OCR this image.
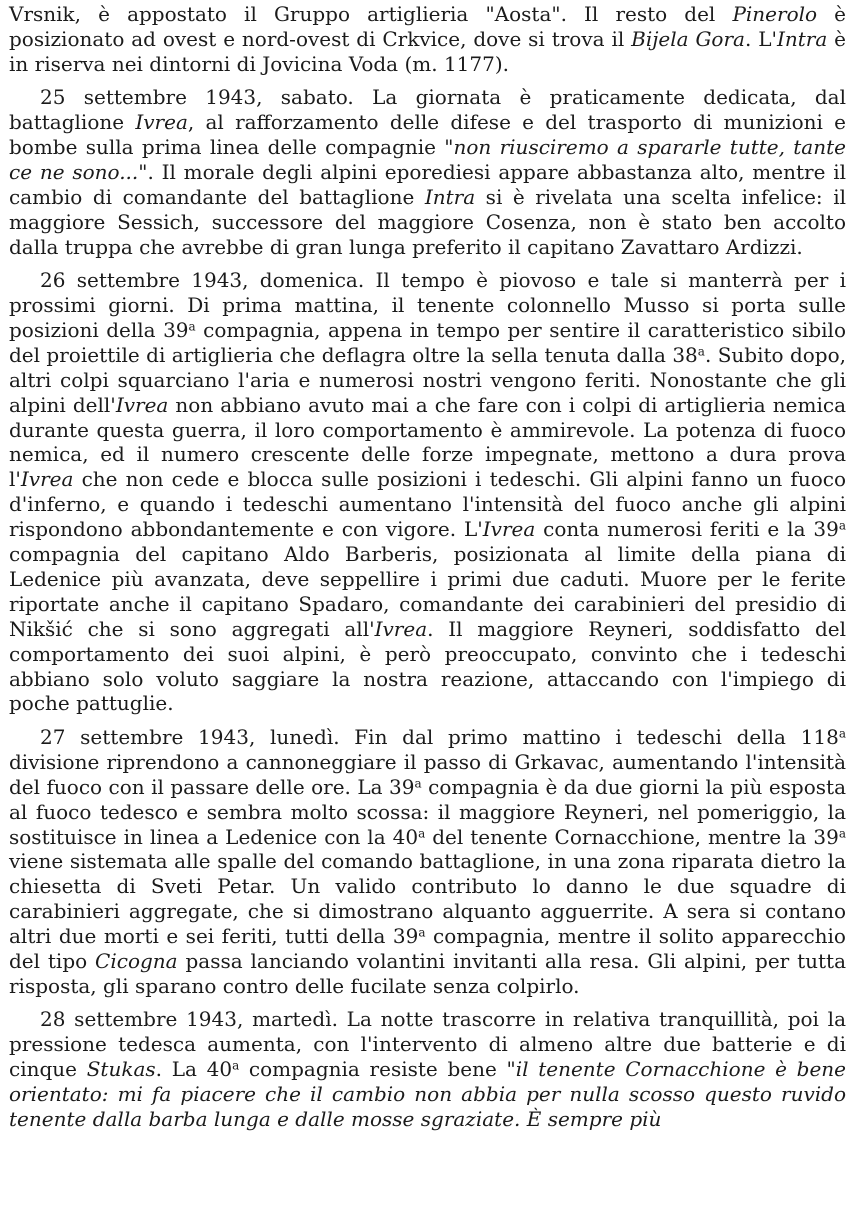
Vrsnik, è appostato il Gruppo artiglieria "Aosta". Il resto del Pinerolo è posizionato ad ovest e nord-ovest di Crkvice, dove si trova il Bijela Gora. L'Intra è in riserva nei dintorni di Jovicina Voda (m. 1177).

25 settembre 1943, sabato. La giornata è praticamente dedicata, dal battaglione Ivrea, al rafforzamento delle difese e del trasporto di munizioni e bombe sulla prima linea delle compagnie "non riusciremo a spararle tutte, tante ce ne sono...". Il morale degli alpini eporediesi appare abbastanza alto, mentre il cambio di comandante del battaglione Intra si è rivelata una scelta infelice: il maggiore Sessich, successore del maggiore Cosenza, non è stato ben accolto dalla truppa che avrebbe di gran lunga preferito il capitano Zavattaro Ardizzi.

26 settembre 1943, domenica. Il tempo è piovoso e tale si manterrà per i prossimi giorni. Di prima mattina, il tenente colonnello Musso si porta sulle posizioni della 39$^a$ compagnia, appena in tempo per sentire il caratteristico sibilo del proiettile di artiglieria che deflagra oltre la sella tenuta dalla 38$^a$. Subito dopo, altri colpi squarciano l'aria e numerosi nostri vengono feriti. Nonostante che gli alpini dell'Ivrea non abbiano avuto mai a che fare con i colpi di artiglieria nemica durante questa guerra, il loro comportamento è ammirevole. La potenza di fuoco nemica, ed il numero crescente delle forze impegnate, mettono a dura prova l'Ivrea che non cede e blocca sulle posizioni i tedeschi. Gli alpini fanno un fuoco d'inferno, e quando i tedeschi aumentano l'intensità del fuoco anche gli alpini rispondono abbondantemente e con vigore. L'Ivrea conta numerosi feriti e la 39$^a$ compagnia del capitano Aldo Barberis, posizionata al limite della piana di Ledenice più avanzata, deve seppellire i primi due caduti. Muore per le ferite riportate anche il capitano Spadaro, comandante dei carabinieri del presidio di Nikšić che si sono aggregati all'Ivrea. Il maggiore Reyneri, soddisfatto del comportamento dei suoi alpini, è però preoccupato, convinto che i tedeschi abbiano solo voluto saggiare la nostra reazione, attaccando con l'impiego di poche pattuglie.

27 settembre 1943, lunedì. Fin dal primo mattino i tedeschi della 118$^a$ divisione riprendono a cannoneggiare il passo di Grkavac, aumentando l'intensità del fuoco con il passare delle ore. La 39$^a$ compagnia è da due giorni la più esposta al fuoco tedesco e sembra molto scossa: il maggiore Reyneri, nel pomeriggio, la sostituisce in linea a Ledenice con la 40$^a$ del tenente Cornacchione, mentre la 39$^a$ viene sistemata alle spalle del comando battaglione, in una zona riparata dietro la chiesetta di Sveti Petar. Un valido contributo lo danno le due squadre di carabinieri aggregate, che si dimostrano alquanto agguerrite. A sera si contano altri due morti e sei feriti, tutti della 39$^a$ compagnia, mentre il solito apparecchio del tipo Cicogna passa lanciando volantini invitanti alla resa. Gli alpini, per tutta risposta, gli sparano contro delle fucilate senza colpirlo.

28 settembre 1943, martedì. La notte trascorre in relativa tranquillità, poi la pressione tedesca aumenta, con l'intervento di almeno altre due batterie e di cinque Stukas. La 40$^a$ compagnia resiste bene "il tenente Cornacchione è bene orientato: mi fa piacere che il cambio non abbia per nulla scosso questo ruvido tenente dalla barba lunga e dalle mosse sgraziate. È sempre più
